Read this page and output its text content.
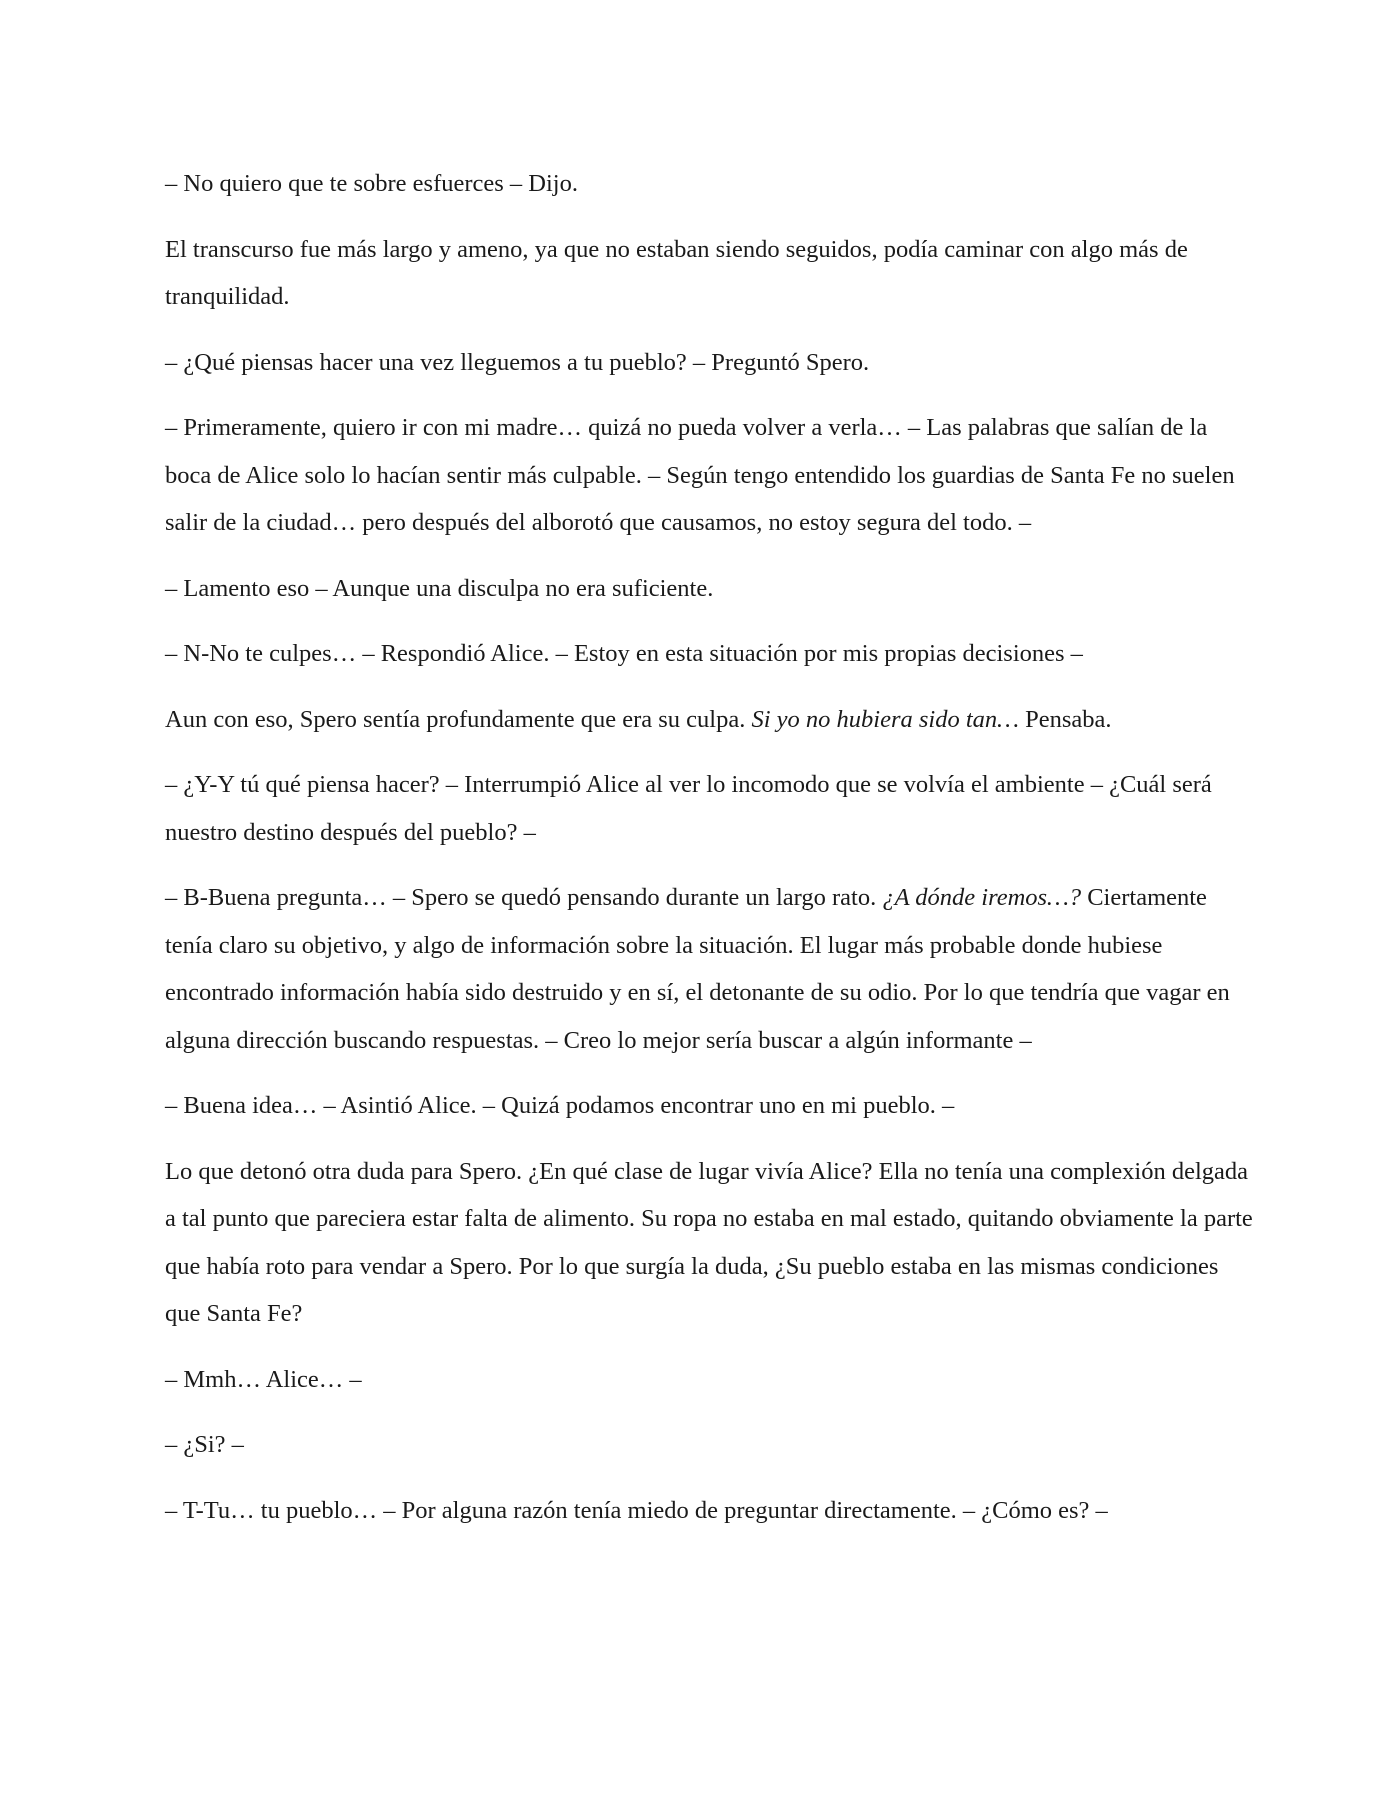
– No quiero que te sobre esfuerces – Dijo.

El transcurso fue más largo y ameno, ya que no estaban siendo seguidos, podía caminar con algo más de tranquilidad.

– ¿Qué piensas hacer una vez lleguemos a tu pueblo? – Preguntó Spero.

– Primeramente, quiero ir con mi madre… quizá no pueda volver a verla… – Las palabras que salían de la boca de Alice solo lo hacían sentir más culpable. – Según tengo entendido los guardias de Santa Fe no suelen salir de la ciudad… pero después del alborotó que causamos, no estoy segura del todo. –

– Lamento eso – Aunque una disculpa no era suficiente.

– N-No te culpes… – Respondió Alice. – Estoy en esta situación por mis propias decisiones –

Aun con eso, Spero sentía profundamente que era su culpa. Si yo no hubiera sido tan… Pensaba.

– ¿Y-Y tú qué piensa hacer? – Interrumpió Alice al ver lo incomodo que se volvía el ambiente – ¿Cuál será nuestro destino después del pueblo? –

– B-Buena pregunta… – Spero se quedó pensando durante un largo rato. ¿A dónde iremos…? Ciertamente tenía claro su objetivo, y algo de información sobre la situación. El lugar más probable donde hubiese encontrado información había sido destruido y en sí, el detonante de su odio. Por lo que tendría que vagar en alguna dirección buscando respuestas. – Creo lo mejor sería buscar a algún informante –

– Buena idea… – Asintió Alice. – Quizá podamos encontrar uno en mi pueblo. –

Lo que detonó otra duda para Spero. ¿En qué clase de lugar vivía Alice? Ella no tenía una complexión delgada a tal punto que pareciera estar falta de alimento. Su ropa no estaba en mal estado, quitando obviamente la parte que había roto para vendar a Spero. Por lo que surgía la duda, ¿Su pueblo estaba en las mismas condiciones que Santa Fe?

– Mmh… Alice… –

– ¿Si? –

– T-Tu… tu pueblo… – Por alguna razón tenía miedo de preguntar directamente. – ¿Cómo es? –
